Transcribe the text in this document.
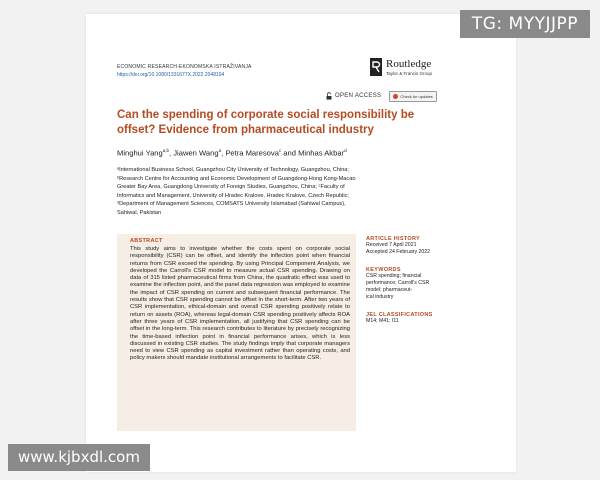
ECONOMIC RESEARCH-EKONOMSKA ISTRAŽIVANJA
https://doi.org/10.1080/1331677X.2022.2048194
Routledge
Taylor & Francis Group
OPEN ACCESS	Check for updates
Can the spending of corporate social responsibility be offset? Evidence from pharmaceutical industry
Minghui Yang$^{a,b}$, Jiawen Wang$^a$, Petra Maresova$^c$ and Minhas Akbar$^d$

ᵃInternational Business School, Guangzhou City University of Technology, Guangzhou, China;

ᵇResearch Centre for Accounting and Economic Development of Guangdong-Hong Kong-Macao

Greater Bay Area, Guangdong University of Foreign Studies, Guangzhou, China; ᶜFaculty of

Informatics and Management, University of Hradec Kralove, Hradec Kralove, Czech Republic;

ᵈDepartment of Management Sciences, COMSATS University Islamabad (Sahiwal Campus),

Sahiwal, Pakistan

ABSTRACT

This study aims to investigate whether the costs spent on corporate social responsibility (CSR) can be offset, and identify the inflection point when financial returns from CSR exceed the spending. By using Principal Component Analysis, we developed the Carroll's CSR model to measure actual CSR spending. Drawing on data of 315 listed pharmaceutical firms from China, the quadratic effect was used to examine the inflection point, and the panel data regression was employed to examine the impact of CSR spending on current and subsequent financial performance. The results show that CSR spending cannot be offset in the short-term. After two years of CSR implementation, ethical-domain and overall CSR spending positively relate to return on assets (ROA), whereas legal-domain CSR spending positively affects ROA after three years of CSR implementation, all justifying that CSR spending can be offset in the long-term. This research contributes to literature by precisely recognizing the time-based inflection point in financial performance arises, which is less discussed in existing CSR studies. The study findings imply that corporate managers need to view CSR spending as capital investment rather than operating costs, and policy makers should mandate institutional arrangements to facilitate CSR.

ARTICLE HISTORY

Received 7 April 2021

Accepted 24 February 2022

KEYWORDS

CSR spending; financial

performance; Carroll's CSR

model; pharmaceut-

ical industry

JEL CLASSIFICATIONS

M14; M41; I11

TG: MYYJJPP
www.kjbxdl.com
